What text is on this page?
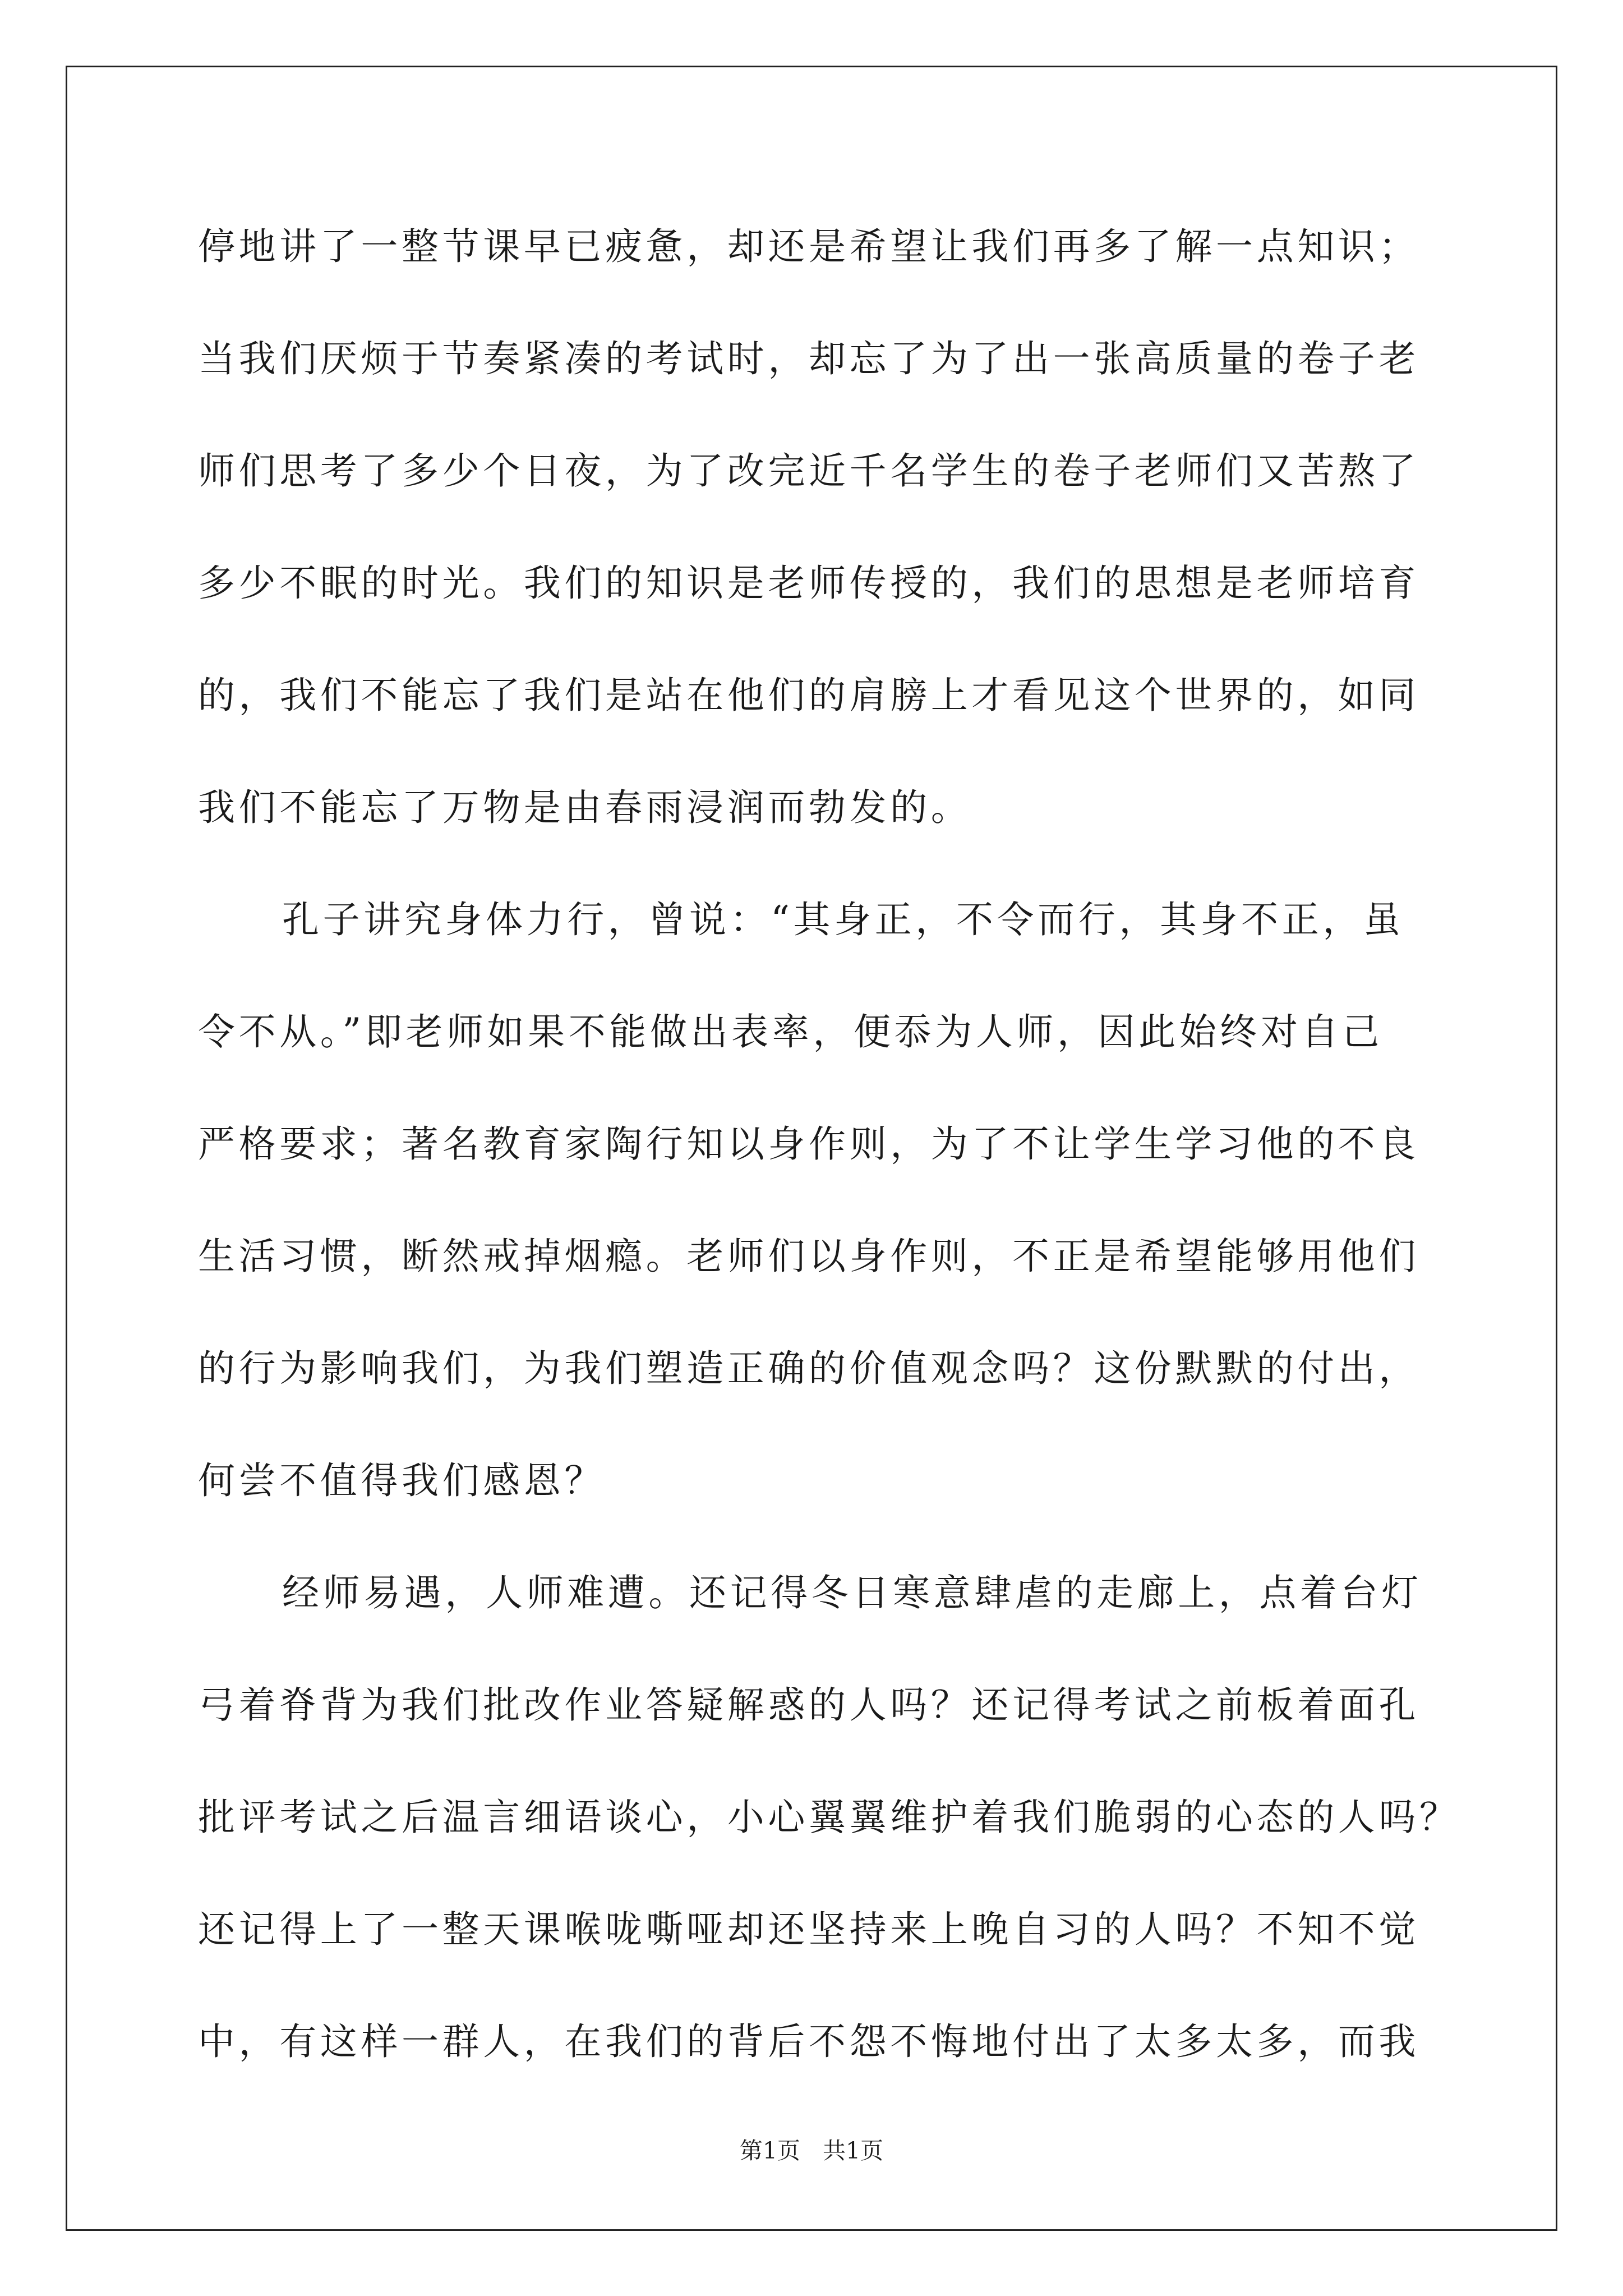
停地讲了一整节课早已疲惫，却还是希望让我们再多了解一点知识；
当我们厌烦于节奏紧凑的考试时，却忘了为了出一张高质量的卷子老
师们思考了多少个日夜，为了改完近千名学生的卷子老师们又苦熬了
多少不眠的时光。我们的知识是老师传授的，我们的思想是老师培育
的，我们不能忘了我们是站在他们的肩膀上才看见这个世界的，如同
我们不能忘了万物是由春雨浸润而勃发的。
孔子讲究身体力行，曾说：“其身正，不令而行，其身不正，虽
令不从。”即老师如果不能做出表率，便忝为人师，因此始终对自己
严格要求；著名教育家陶行知以身作则，为了不让学生学习他的不良
生活习惯，断然戒掉烟瘾。老师们以身作则，不正是希望能够用他们
的行为影响我们，为我们塑造正确的价值观念吗？这份默默的付出，
何尝不值得我们感恩？
经师易遇，人师难遭。还记得冬日寒意肆虐的走廊上，点着台灯
弓着脊背为我们批改作业答疑解惑的人吗？还记得考试之前板着面孔
批评考试之后温言细语谈心，小心翼翼维护着我们脆弱的心态的人吗？
还记得上了一整天课喉咙嘶哑却还坚持来上晚自习的人吗？不知不觉
中，有这样一群人，在我们的背后不怨不悔地付出了太多太多，而我
第1页 共1页
